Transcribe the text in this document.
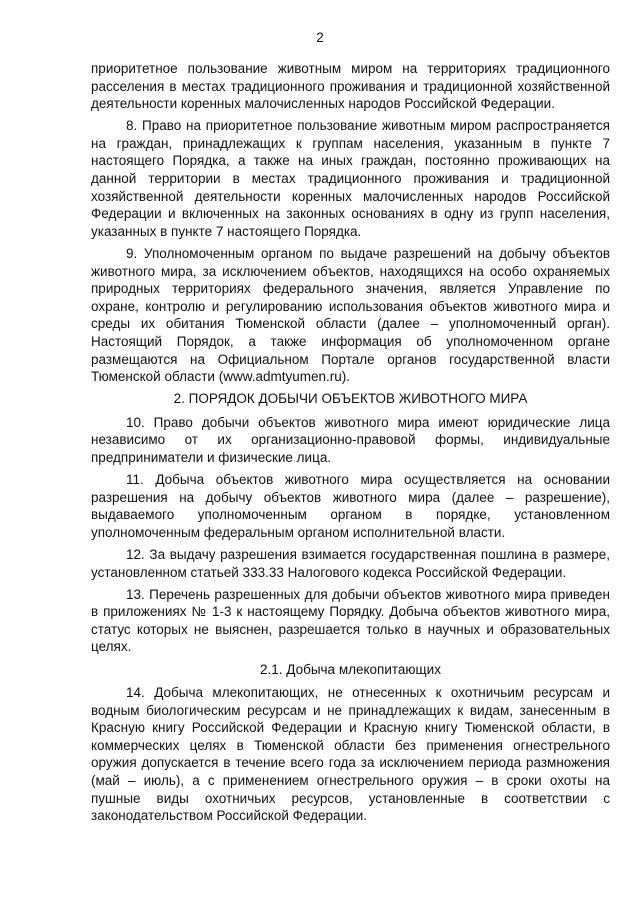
2

приоритетное пользование животным миром на территориях традиционного расселения в местах традиционного проживания и традиционной хозяйственной деятельности коренных малочисленных народов Российской Федерации.

8. Право на приоритетное пользование животным миром распространяется на граждан, принадлежащих к группам населения, указанным в пункте 7 настоящего Порядка, а также на иных граждан, постоянно проживающих на данной территории в местах традиционного проживания и традиционной хозяйственной деятельности коренных малочисленных народов Российской Федерации и включенных на законных основаниях в одну из групп населения, указанных в пункте 7 настоящего Порядка.

9. Уполномоченным органом по выдаче разрешений на добычу объектов животного мира, за исключением объектов, находящихся на особо охраняемых природных территориях федерального значения, является Управление по охране, контролю и регулированию использования объектов животного мира и среды их обитания Тюменской области (далее – уполномоченный орган). Настоящий Порядок, а также информация об уполномоченном органе размещаются на Официальном Портале органов государственной власти Тюменской области (www.admtyumen.ru).

2. ПОРЯДОК ДОБЫЧИ ОБЪЕКТОВ ЖИВОТНОГО МИРА

10. Право добычи объектов животного мира имеют юридические лица независимо от их организационно-правовой формы, индивидуальные предприниматели и физические лица.

11. Добыча объектов животного мира осуществляется на основании разрешения на добычу объектов животного мира (далее – разрешение), выдаваемого уполномоченным органом в порядке, установленном уполномоченным федеральным органом исполнительной власти.

12. За выдачу разрешения взимается государственная пошлина в размере, установленном статьей 333.33 Налогового кодекса Российской Федерации.

13. Перечень разрешенных для добычи объектов животного мира приведен в приложениях № 1-3 к настоящему Порядку. Добыча объектов животного мира, статус которых не выяснен, разрешается только в научных и образовательных целях.

2.1. Добыча млекопитающих

14. Добыча млекопитающих, не отнесенных к охотничьим ресурсам и водным биологическим ресурсам и не принадлежащих к видам, занесенным в Красную книгу Российской Федерации и Красную книгу Тюменской области, в коммерческих целях в Тюменской области без применения огнестрельного оружия допускается в течение всего года за исключением периода размножения (май – июль), а с применением огнестрельного оружия – в сроки охоты на пушные виды охотничьих ресурсов, установленные в соответствии с законодательством Российской Федерации.
